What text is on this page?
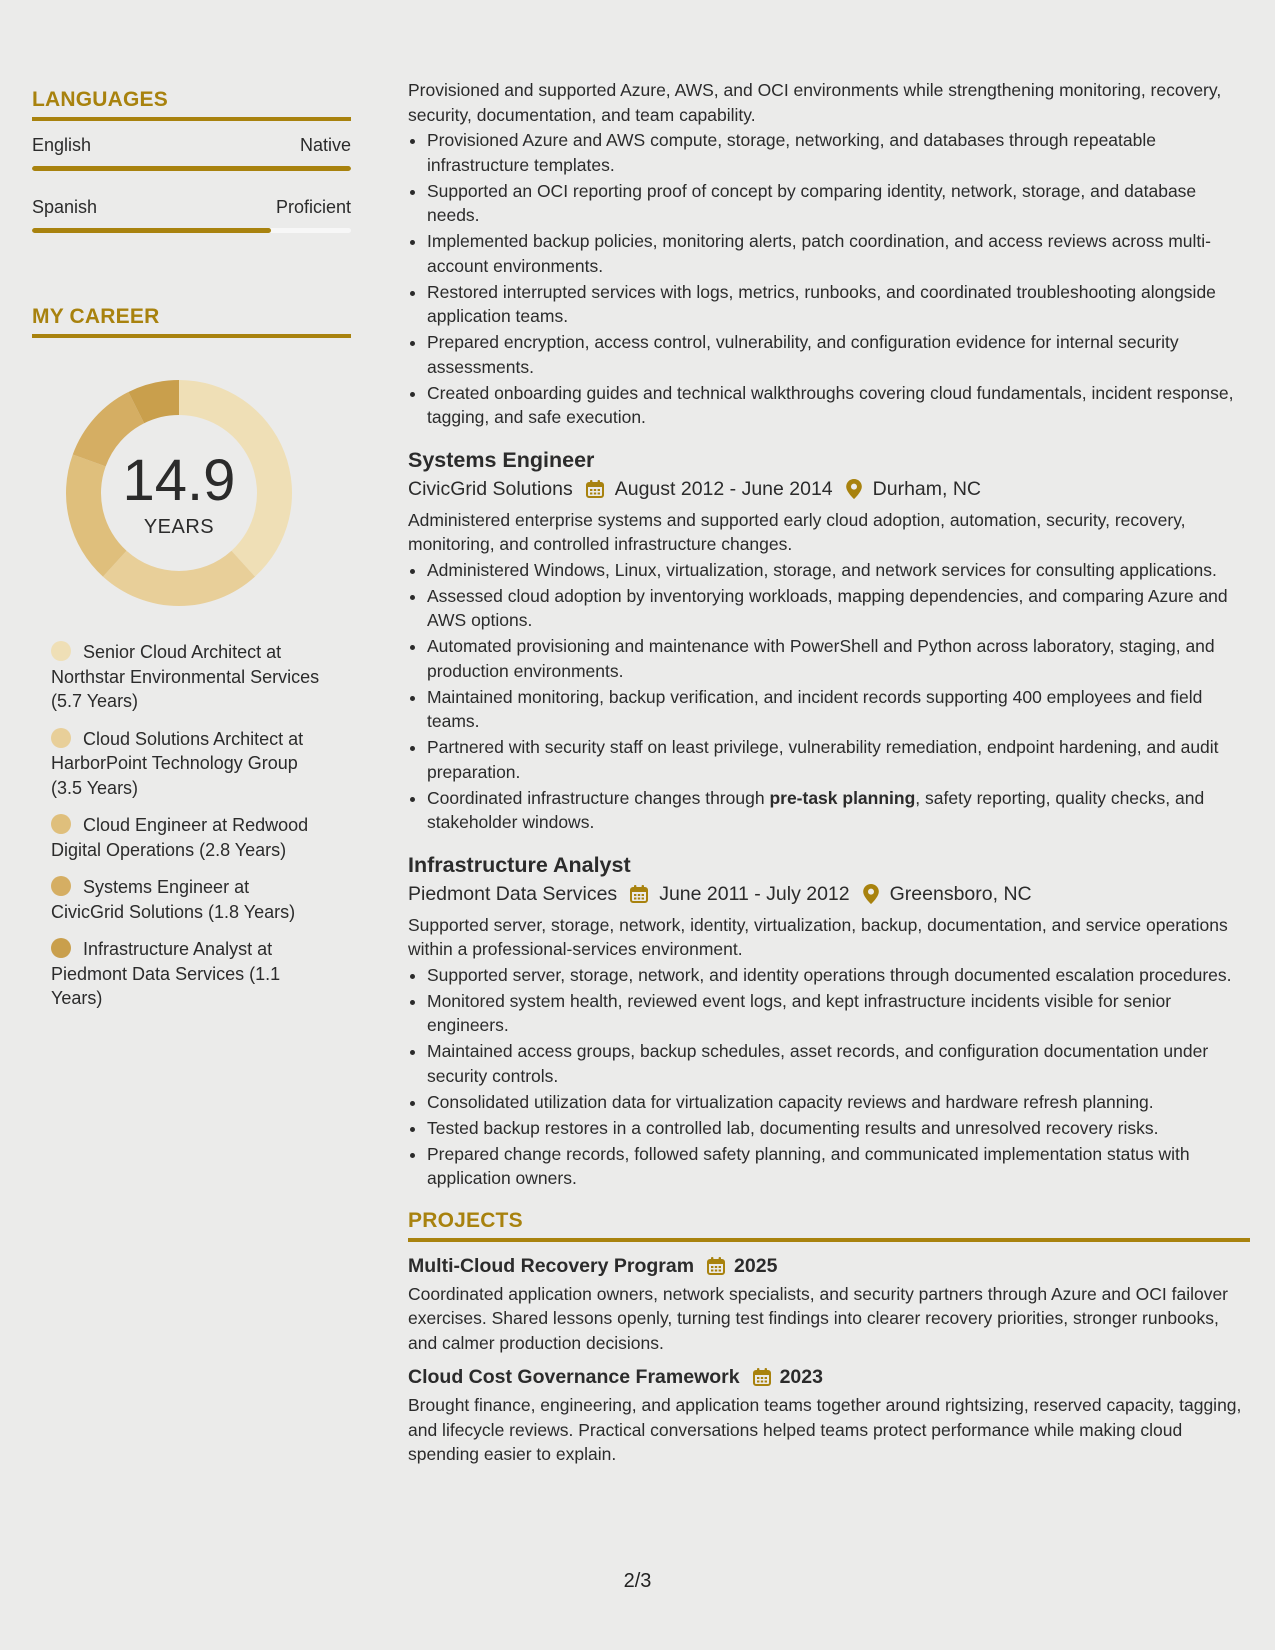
LANGUAGES
English	Native
Spanish	Proficient
MY CAREER
14.9
YEARS
Senior Cloud Architect at Northstar Environmental Services (5.7 Years)
Cloud Solutions Architect at HarborPoint Technology Group (3.5 Years)
Cloud Engineer at Redwood Digital Operations (2.8 Years)
Systems Engineer at CivicGrid Solutions (1.8 Years)
Infrastructure Analyst at Piedmont Data Services (1.1 Years)

Provisioned and supported Azure, AWS, and OCI environments while strengthening monitoring, recovery, security, documentation, and team capability.

• Provisioned Azure and AWS compute, storage, networking, and databases through repeatable infrastructure templates.
• Supported an OCI reporting proof of concept by comparing identity, network, storage, and database needs.
• Implemented backup policies, monitoring alerts, patch coordination, and access reviews across multi-account environments.
• Restored interrupted services with logs, metrics, runbooks, and coordinated troubleshooting alongside application teams.
• Prepared encryption, access control, vulnerability, and configuration evidence for internal security assessments.
• Created onboarding guides and technical walkthroughs covering cloud fundamentals, incident response, tagging, and safe execution.
Systems Engineer
CivicGrid Solutions August 2012 - June 2014 Durham, NC

Administered enterprise systems and supported early cloud adoption, automation, security, recovery, monitoring, and controlled infrastructure changes.

• Administered Windows, Linux, virtualization, storage, and network services for consulting applications.
• Assessed cloud adoption by inventorying workloads, mapping dependencies, and comparing Azure and AWS options.
• Automated provisioning and maintenance with PowerShell and Python across laboratory, staging, and production environments.
• Maintained monitoring, backup verification, and incident records supporting 400 employees and field teams.
• Partnered with security staff on least privilege, vulnerability remediation, endpoint hardening, and audit preparation.
• Coordinated infrastructure changes through pre-task planning, safety reporting, quality checks, and stakeholder windows.
Infrastructure Analyst
Piedmont Data Services June 2011 - July 2012 Greensboro, NC

Supported server, storage, network, identity, virtualization, backup, documentation, and service operations within a professional-services environment.

• Supported server, storage, network, and identity operations through documented escalation procedures.
• Monitored system health, reviewed event logs, and kept infrastructure incidents visible for senior engineers.
• Maintained access groups, backup schedules, asset records, and configuration documentation under security controls.
• Consolidated utilization data for virtualization capacity reviews and hardware refresh planning.
• Tested backup restores in a controlled lab, documenting results and unresolved recovery risks.
• Prepared change records, followed safety planning, and communicated implementation status with application owners.
PROJECTS
Multi-Cloud Recovery Program 2025

Coordinated application owners, network specialists, and security partners through Azure and OCI failover exercises. Shared lessons openly, turning test findings into clearer recovery priorities, stronger runbooks, and calmer production decisions.

Cloud Cost Governance Framework 2023

Brought finance, engineering, and application teams together around rightsizing, reserved capacity, tagging, and lifecycle reviews. Practical conversations helped teams protect performance while making cloud spending easier to explain.

2/3
